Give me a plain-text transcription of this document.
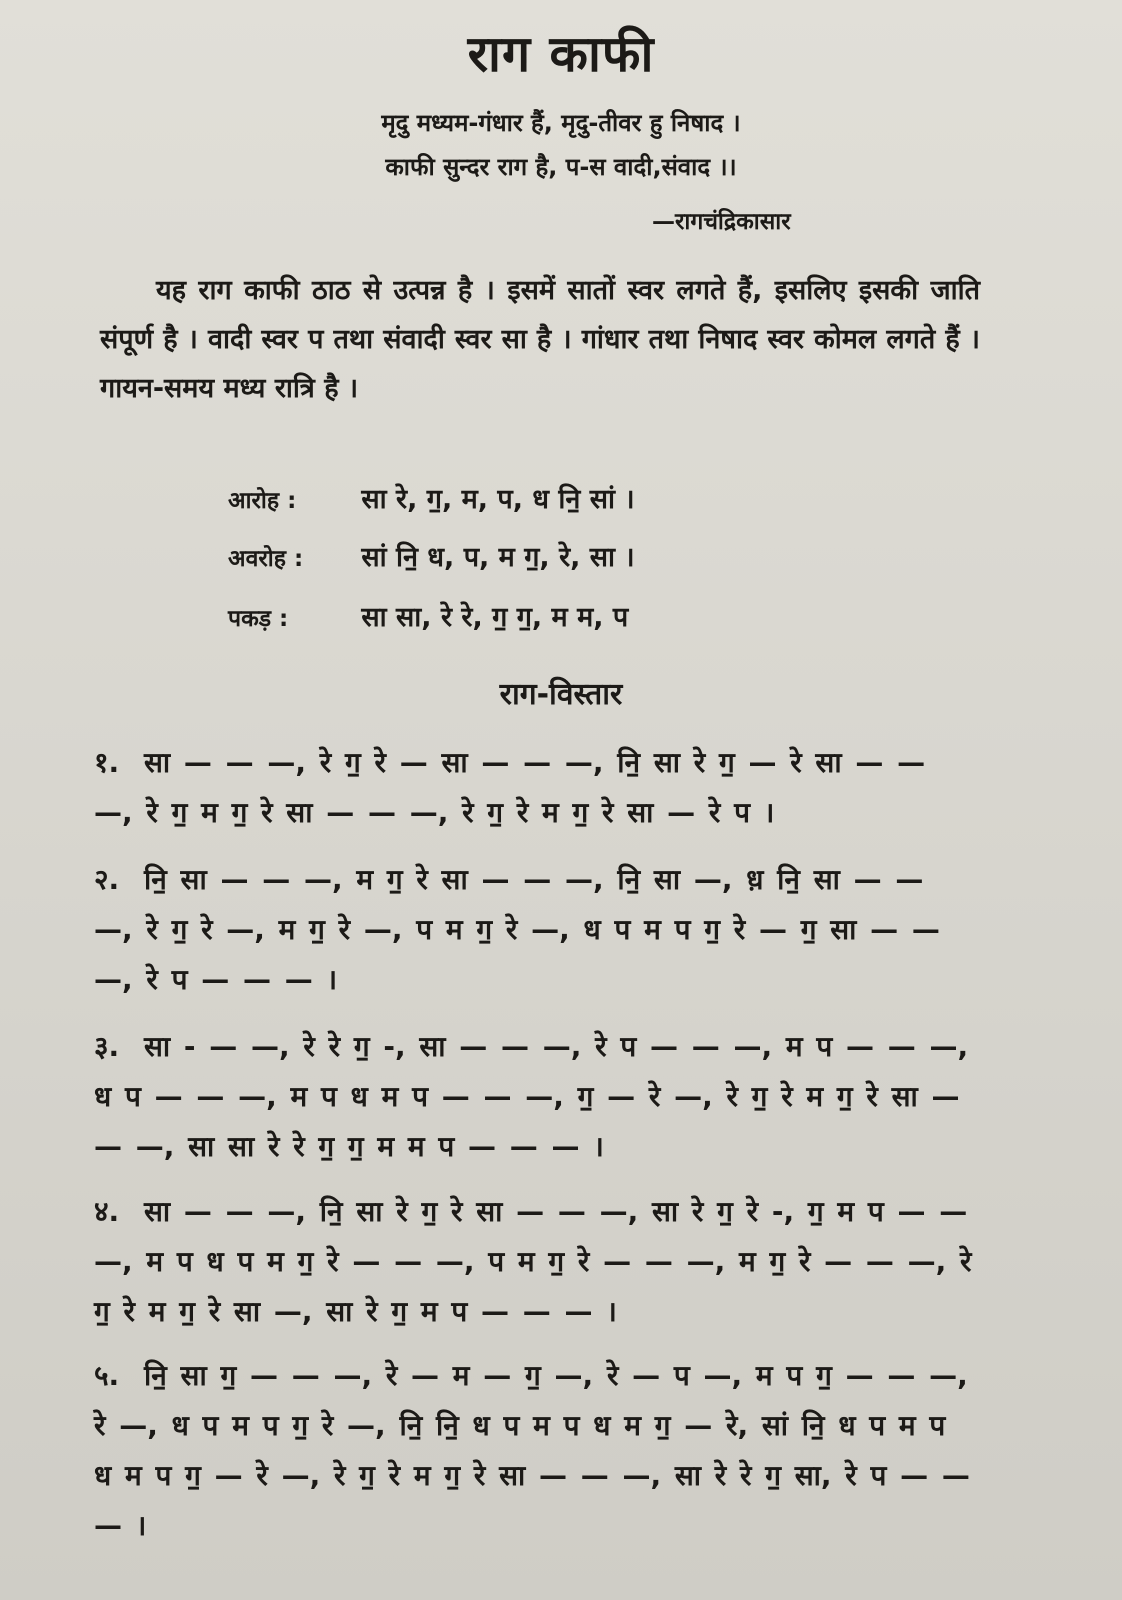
राग काफी
मृदु मध्यम-गंधार हैं, मृदु-तीवर हु निषाद ।
काफी सुन्दर राग है, प-स वादी,संवाद ।।
—रागचंद्रिकासार

यह राग काफी ठाठ से उत्पन्न है । इसमें सातों स्वर लगते हैं, इसलिए इसकी जाति संपूर्ण है । वादी स्वर प तथा संवादी स्वर सा है । गांधार तथा निषाद स्वर कोमल लगते हैं । गायन-समय मध्य रात्रि है ।

आरोह : सा रे, ग॒, म, प, ध नि॒ सां ।
अवरोह : सां नि॒ ध, प, म ग॒, रे, सा ।
पकड़ :	सा सा, रे रे, ग॒ ग॒, म म, प
राग-विस्तार

१. सा — — —, रे ग॒ रे — सा — — —, नि॒ सा रे ग॒ — रे सा — — —, रे ग॒ म ग॒ रे सा — — —, रे ग॒ रे म ग॒ रे सा — रे प ।

२. नि॒ सा — — —, म ग॒ रे सा — — —, नि॒ सा —, ध़ नि॒ सा — — —, रे ग॒ रे —, म ग॒ रे —, प म ग॒ रे —, ध प म प ग॒ रे — ग॒ सा — — —, रे प — — — ।

३. सा - — —, रे रे ग॒ -, सा — — —, रे प — — —, म प — — —, ध प — — —, म प ध म प — — —, ग॒ — रे —, रे ग॒ रे म ग॒ रे सा — — —, सा सा रे रे ग॒ ग॒ म म प — — — ।

४. सा — — —, नि॒ सा रे ग॒ रे सा — — —, सा रे ग॒ रे -, ग॒ म प — — —, म प ध प म ग॒ रे — — —, प म ग॒ रे — — —, म ग॒ रे — — —, रे ग॒ रे म ग॒ रे सा —, सा रे ग॒ म प — — — ।

५. नि॒ सा ग॒ — — —, रे — म — ग॒ —, रे — प —, म प ग॒ — — —, रे —, ध प म प ग॒ रे —, नि॒ नि॒ ध प म प ध म ग॒ — रे, सां नि॒ ध प म प ध म प ग॒ — रे —, रे ग॒ रे म ग॒ रे सा — — —, सा रे रे ग॒ सा, रे प — — — ।
